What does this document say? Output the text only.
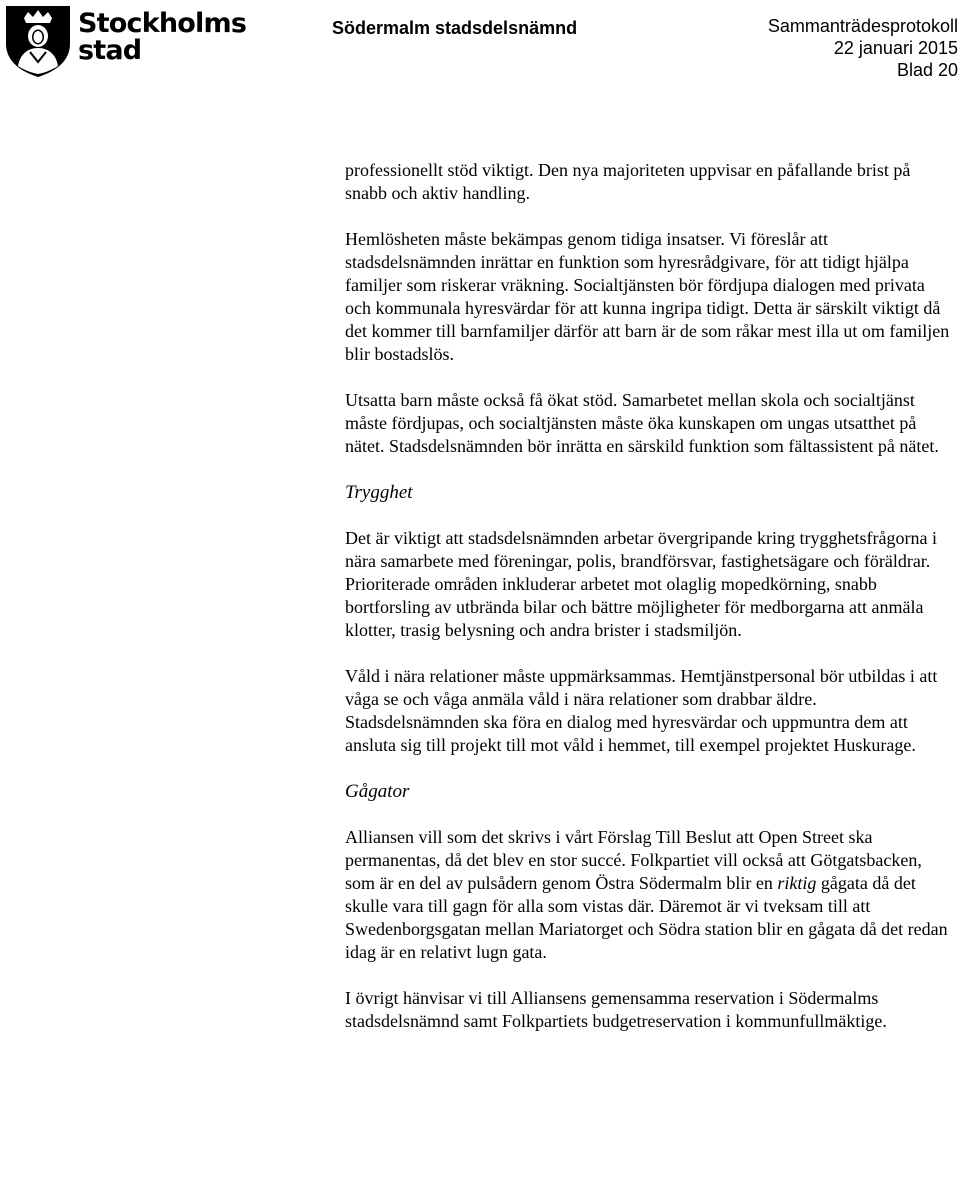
Stockholms
stad
Södermalm stadsdelsnämnd	Sammanträdesprotokoll
22 januari 2015
Blad 20

professionellt stöd viktigt. Den nya majoriteten uppvisar en påfallande brist på snabb och aktiv handling.

Hemlösheten måste bekämpas genom tidiga insatser. Vi föreslår att stadsdelsnämnden inrättar en funktion som hyresrådgivare, för att tidigt hjälpa familjer som riskerar vräkning. Socialtjänsten bör fördjupa dialogen med privata och kommunala hyresvärdar för att kunna ingripa tidigt. Detta är särskilt viktigt då det kommer till barnfamiljer därför att barn är de som råkar mest illa ut om familjen blir bostadslös.

Utsatta barn måste också få ökat stöd. Samarbetet mellan skola och socialtjänst måste fördjupas, och socialtjänsten måste öka kunskapen om ungas utsatthet på nätet. Stadsdelsnämnden bör inrätta en särskild funktion som fältassistent på nätet.

Trygghet

Det är viktigt att stadsdelsnämnden arbetar övergripande kring trygghetsfrågorna i nära samarbete med föreningar, polis, brandförsvar, fastighetsägare och föräldrar. Prioriterade områden inkluderar arbetet mot olaglig mopedkörning, snabb bortforsling av utbrända bilar och bättre möjligheter för medborgarna att anmäla klotter, trasig belysning och andra brister i stadsmiljön.

Våld i nära relationer måste uppmärksammas. Hemtjänstpersonal bör utbildas i att våga se och våga anmäla våld i nära relationer som drabbar äldre. Stadsdelsnämnden ska föra en dialog med hyresvärdar och uppmuntra dem att ansluta sig till projekt till mot våld i hemmet, till exempel projektet Huskurage.

Gågator

Alliansen vill som det skrivs i vårt Förslag Till Beslut att Open Street ska permanentas, då det blev en stor succé. Folkpartiet vill också att Götgatsbacken, som är en del av pulsådern genom Östra Södermalm blir en riktig gågata då det skulle vara till gagn för alla som vistas där. Däremot är vi tveksam till att Swedenborgsgatan mellan Mariatorget och Södra station blir en gågata då det redan idag är en relativt lugn gata.

I övrigt hänvisar vi till Alliansens gemensamma reservation i Södermalms stadsdelsnämnd samt Folkpartiets budgetreservation i kommunfullmäktige.
